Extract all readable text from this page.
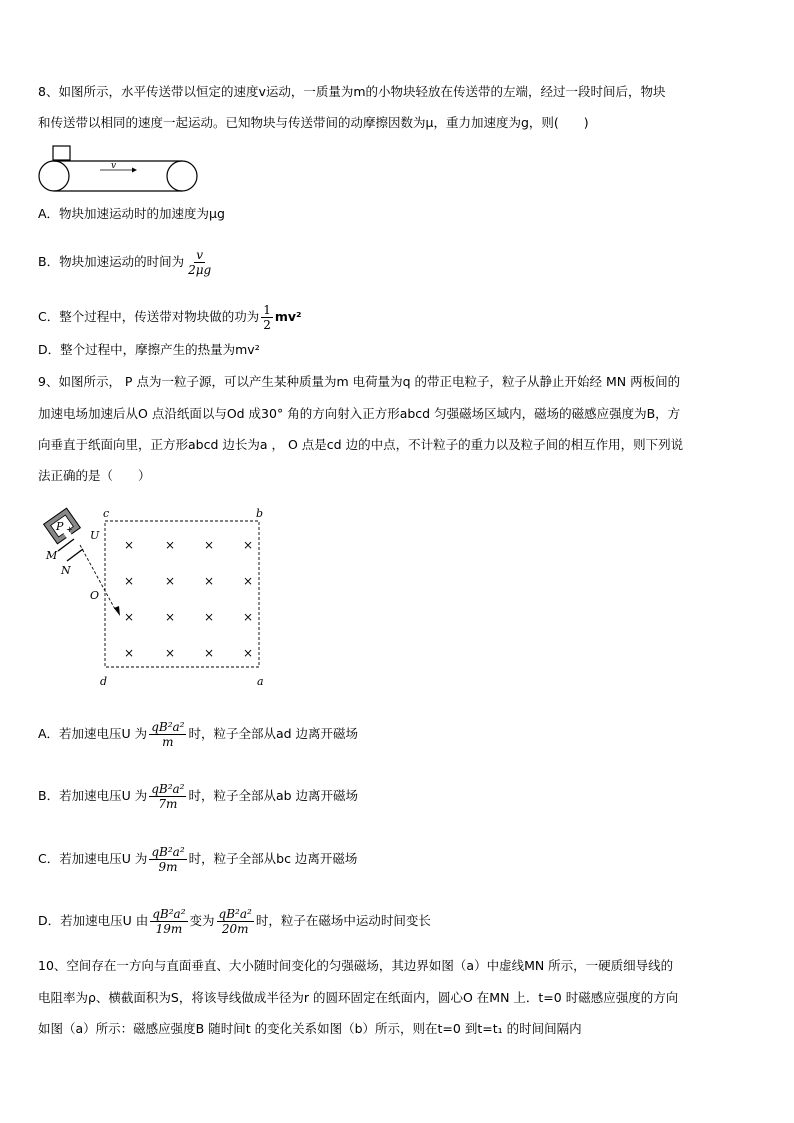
8、如图所示，水平传送带以恒定的速度v运动，一质量为m的小物块轻放在传送带的左端，经过一段时间后，物块
和传送带以相同的速度一起运动。已知物块与传送带间的动摩擦因数为μ，重力加速度为g，则(　　)
v
A．物块加速运动时的加速度为μg
B．物块加速运动的时间为 $\frac{v}{2\mu g}$
C．整个过程中，传送带对物块做的功为 $\frac{1}{2} mv^2$
D．整个过程中，摩擦产生的热量为mv²
9、如图所示， P 点为一粒子源，可以产生某种质量为m 电荷量为q 的带正电粒子，粒子从静止开始经 MN 两板间的
加速电场加速后从O 点沿纸面以与Od 成30° 角的方向射入正方形abcd 匀强磁场区域内，磁场的磁感应强度为B，方
向垂直于纸面向里，正方形abcd 边长为a ， O 点是cd 边的中点，不计粒子的重力以及粒子间的相互作用，则下列说
法正确的是（　　）
c	b
d	a
P +
M
N
U
O
×	× × ×
×	× × ×
×	× × ×
×	× × ×
A．若加速电压U 为 $\frac{\text{qB²a²}}{m}$ 时，粒子全部从ad 边离开磁场
B．若加速电压U 为 $\frac{\text{qB²a²}}{7m}$ 时，粒子全部从ab 边离开磁场
C．若加速电压U 为 $\frac{\text{qB²a²}}{9m}$ 时，粒子全部从bc 边离开磁场
D．若加速电压U 由 $\frac{\text{qB²a²}}{19m}$ 变为 $\frac{\text{qB²a²}}{20m}$ 时，粒子在磁场中运动时间变长
10、空间存在一方向与直面垂直、大小随时间变化的匀强磁场，其边界如图（a）中虚线MN 所示，一硬质细导线的
电阻率为ρ、横截面积为S，将该导线做成半径为r 的圆环固定在纸面内，圆心O 在MN 上．t=0 时磁感应强度的方向
如图（a）所示：磁感应强度B 随时间t 的变化关系如图（b）所示，则在t=0 到t=t₁ 的时间间隔内
